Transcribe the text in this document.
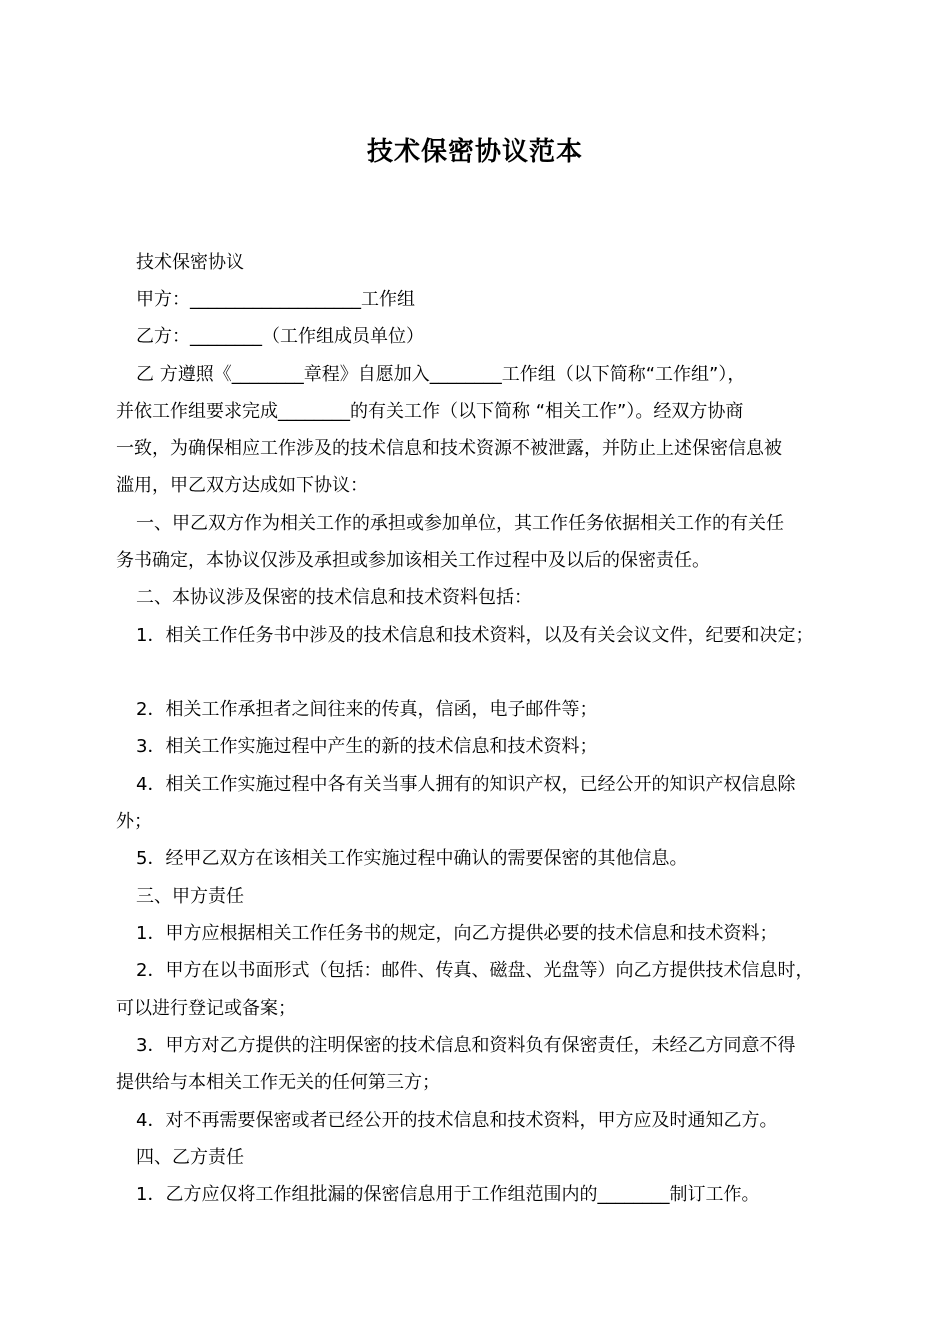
技术保密协议范本

技术保密协议

甲方：___________________工作组

乙方：________（工作组成员单位）

乙 方遵照《________章程》自愿加入________工作组（以下简称“工作组”），

并依工作组要求完成________的有关工作（以下简称 “相关工作”）。经双方协商

一致，为确保相应工作涉及的技术信息和技术资源不被泄露，并防止上述保密信息被

滥用，甲乙双方达成如下协议：

一、甲乙双方作为相关工作的承担或参加单位，其工作任务依据相关工作的有关任

务书确定，本协议仅涉及承担或参加该相关工作过程中及以后的保密责任。

二、本协议涉及保密的技术信息和技术资料包括：

1．相关工作任务书中涉及的技术信息和技术资料，以及有关会议文件，纪要和决定；

2．相关工作承担者之间往来的传真，信函，电子邮件等；

3．相关工作实施过程中产生的新的技术信息和技术资料；

4．相关工作实施过程中各有关当事人拥有的知识产权，已经公开的知识产权信息除

外；

5．经甲乙双方在该相关工作实施过程中确认的需要保密的其他信息。

三、甲方责任

1．甲方应根据相关工作任务书的规定，向乙方提供必要的技术信息和技术资料；

2．甲方在以书面形式（包括：邮件、传真、磁盘、光盘等）向乙方提供技术信息时，

可以进行登记或备案；

3．甲方对乙方提供的注明保密的技术信息和资料负有保密责任，未经乙方同意不得

提供给与本相关工作无关的任何第三方；

4．对不再需要保密或者已经公开的技术信息和技术资料，甲方应及时通知乙方。

四、乙方责任

1．乙方应仅将工作组批漏的保密信息用于工作组范围内的________制订工作。
